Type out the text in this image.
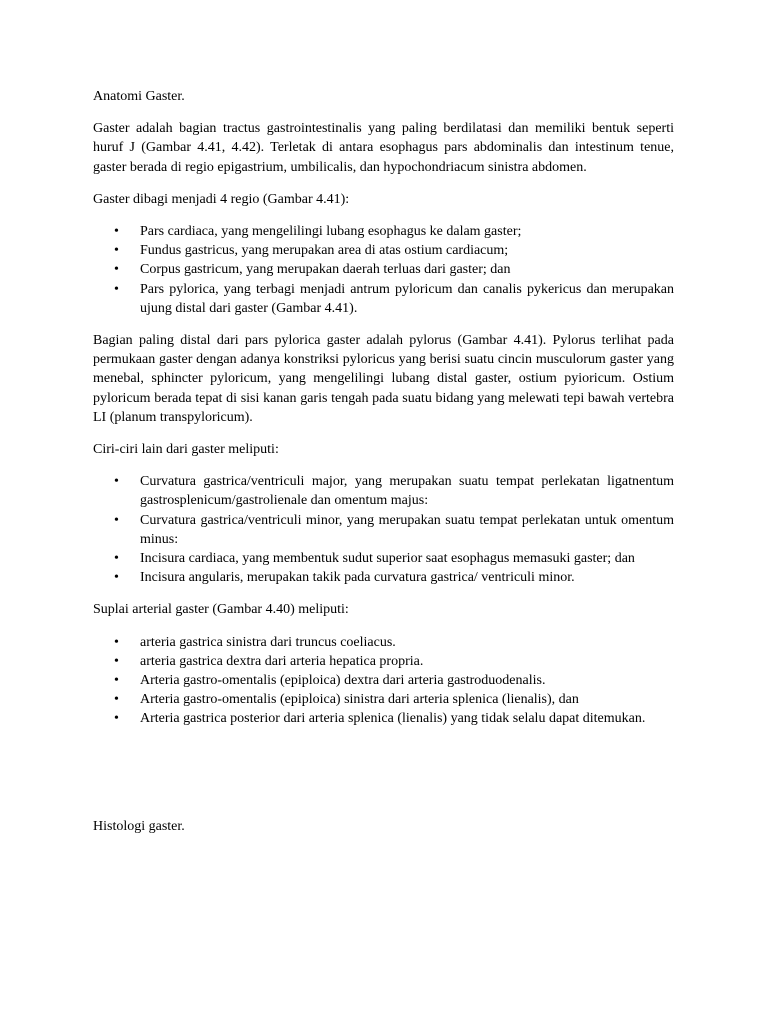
Anatomi Gaster.

Gaster adalah bagian tractus gastrointestinalis yang paling berdilatasi dan memiliki bentuk seperti huruf J (Gambar 4.41, 4.42). Terletak di antara esophagus pars abdominalis dan intestinum tenue, gaster berada di regio epigastrium, umbilicalis, dan hypochondriacum sinistra abdomen.

Gaster dibagi menjadi 4 regio (Gambar 4.41):

• Pars cardiaca, yang mengelilingi lubang esophagus ke dalam gaster;
• Fundus gastricus, yang merupakan area di atas ostium cardiacum;
• Corpus gastricum, yang merupakan daerah terluas dari gaster; dan
• Pars pylorica, yang terbagi menjadi antrum pyloricum dan canalis pykericus dan merupakan ujung distal dari gaster (Gambar 4.41).

Bagian paling distal dari pars pylorica gaster adalah pylorus (Gambar 4.41). Pylorus terlihat pada permukaan gaster dengan adanya konstriksi pyloricus yang berisi suatu cincin musculorum gaster yang menebal, sphincter pyloricum, yang mengelilingi lubang distal gaster, ostium pyioricum. Ostium pyloricum berada tepat di sisi kanan garis tengah pada suatu bidang yang melewati tepi bawah vertebra LI (planum transpyloricum).

Ciri-ciri lain dari gaster meliputi:

• Curvatura gastrica/ventriculi major, yang merupakan suatu tempat perlekatan ligatnentum gastrosplenicum/gastrolienale dan omentum majus:
• Curvatura gastrica/ventriculi minor, yang merupakan suatu tempat perlekatan untuk omentum minus:
• Incisura cardiaca, yang membentuk sudut superior saat esophagus memasuki gaster; dan
• Incisura angularis, merupakan takik pada curvatura gastrica/ ventriculi minor.

Suplai arterial gaster (Gambar 4.40) meliputi:

• arteria gastrica sinistra dari truncus coeliacus.
• arteria gastrica dextra dari arteria hepatica propria.
• Arteria gastro-omentalis (epiploica) dextra dari arteria gastroduodenalis.
• Arteria gastro-omentalis (epiploica) sinistra dari arteria splenica (lienalis), dan
• Arteria gastrica posterior dari arteria splenica (lienalis) yang tidak selalu dapat ditemukan.

Histologi gaster.
